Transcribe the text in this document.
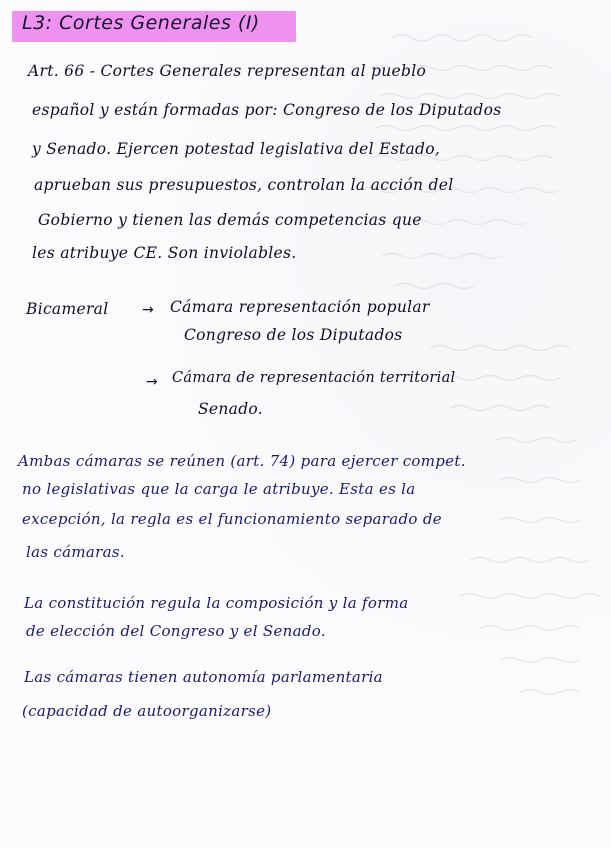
L3: Cortes Generales (I)
Art. 66 - Cortes Generales representan al pueblo
español y están formadas por: Congreso de los Diputados
y Senado. Ejercen potestad legislativa del Estado,
aprueban sus presupuestos, controlan la acción del
Gobierno y tienen las demás competencias que
les atribuye CE. Son inviolables.
Bicameral → Cámara representación popular
Congreso de los Diputados
→ Cámara de representación territorial
Senado.
Ambas cámaras se reúnen (art. 74) para ejercer compet.
no legislativas que la carga le atribuye. Esta es la
excepción, la regla es el funcionamiento separado de
las cámaras.
La constitución regula la composición y la forma
de elección del Congreso y el Senado.
Las cámaras tienen autonomía parlamentaria
(capacidad de autoorganizarse)
